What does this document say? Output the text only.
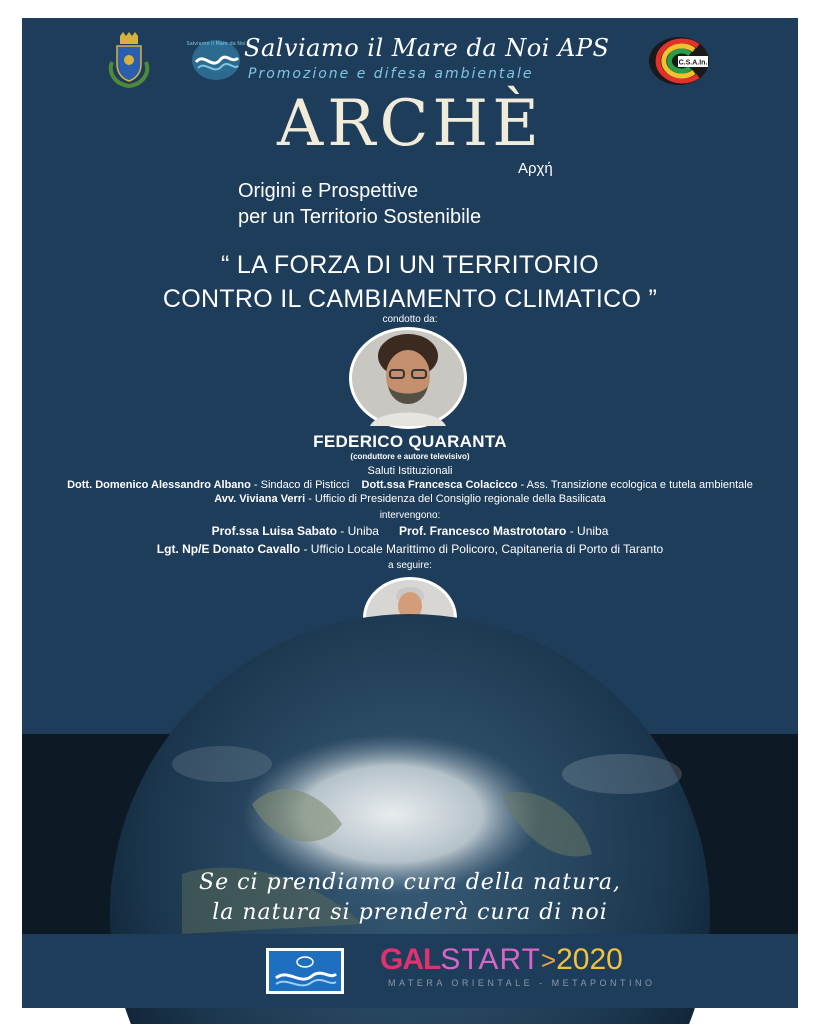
Salviamo il Mare da Noi
Salviamo il Mare da Noi APS
Promozione e difesa ambientale
C.S.A.In.
ARCHÈ
Αρχή
Origini e Prospettive
per un Territorio Sostenibile
“ LA FORZA DI UN TERRITORIO
CONTRO IL CAMBIAMENTO CLIMATICO ”
condotto da:
FEDERICO QUARANTA
(conduttore e autore televisivo)
Saluti Istituzionali
Dott. Domenico Alessandro Albano - Sindaco di Pisticci Dott.ssa Francesca Colacicco - Ass. Transizione ecologica e tutela ambientale
Avv. Viviana Verri - Ufficio di Presidenza del Consiglio regionale della Basilicata
intervengono:
Prof.ssa Luisa Sabato - Uniba Prof. Francesco Mastrototaro - Uniba
Lgt. Np/E Donato Cavallo - Ufficio Locale Marittimo di Policoro, Capitaneria di Porto di Taranto
a seguire:
Se ci prendiamo cura della natura,
la natura si prenderà cura di noi
GALSTART>2020
MATERA ORIENTALE - METAPONTINO
